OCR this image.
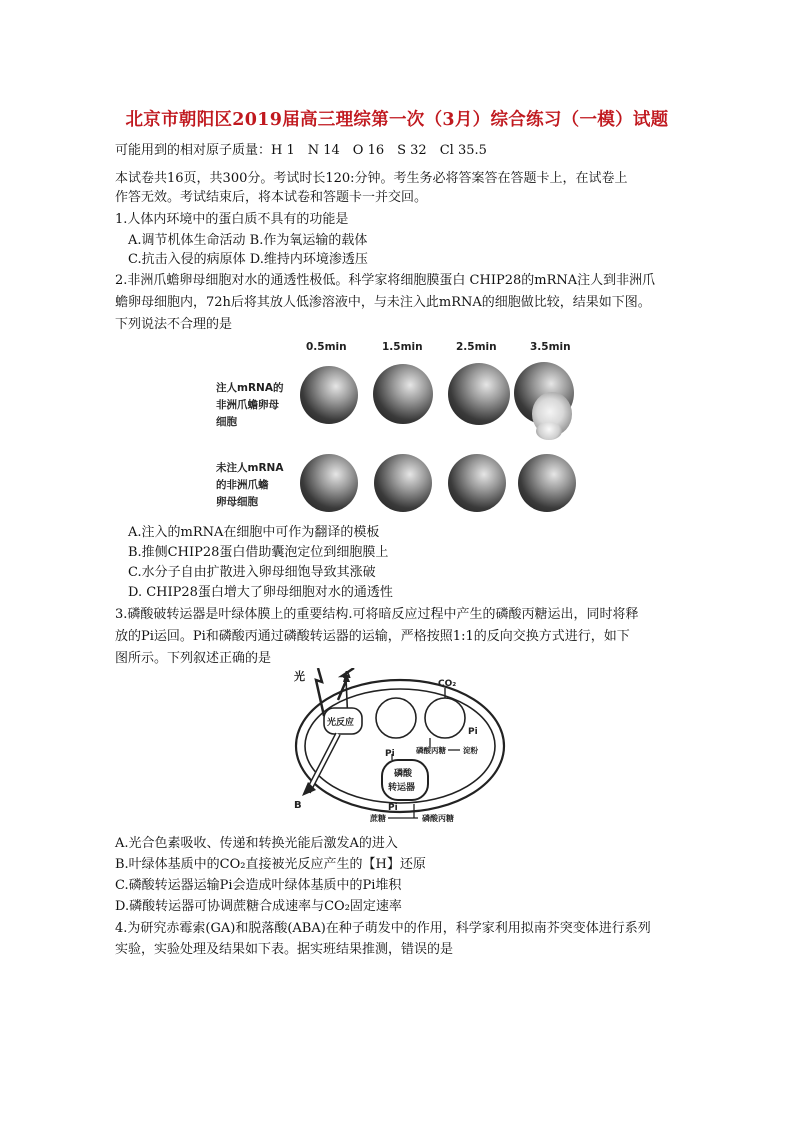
北京市朝阳区2019届高三理综第一次（3月）综合练习（一模）试题
可能用到的相对原子质量：H 1　N 14　O 16　S 32　Cl 35.5
本试卷共16页，共300分。考试时长120:分钟。考生务必将答案答在答题卡上，在试卷上
作答无效。考试结束后，将本试卷和答题卡一并交回。
1.人体内环境中的蛋白质不具有的功能是
A.调节机体生命活动 B.作为氧运输的载体
C.抗击入侵的病原体 D.维持内环境渗透压
2.非洲爪蟾卵母细胞对水的通透性极低。科学家将细胞膜蛋白 CHIP28的mRNA注人到非洲爪
蟾卵母细胞内，72h后将其放人低渗溶液中，与未注入此mRNA的细胞做比较，结果如下图。
下列说法不合理的是
0.5min	1.5min	2.5min	3.5min
注人mRNA的
非洲爪蟾卵母
细胞
未注人mRNA
的非洲爪蟾
卵母细胞
A.注入的mRNA在细胞中可作为翻译的模板
B.推侧CHIP28蛋白借助囊泡定位到细胞膜上
C.水分子自由扩散进入卵母细饱导致其涨破
D. CHIP28蛋白增大了卵母细胞对水的通透性
3.磷酸破转运器是叶绿体膜上的重要结构.可将暗反应过程中产生的磷酸丙糖运出，同时将释
放的Pi运回。Pi和磷酸丙通过磷酸转运器的运输，严格按照1:1的反向交换方式进行，如下
图所示。下列叙述正确的是
光	A
B
CO₂
光反应
Pi
磷酸丙糖 淀粉
Pi
磷酸
转运器
Pi
蔗糖	磷酸丙糖
A.光合色素吸收、传递和转换光能后激发A的进入
B.叶绿体基质中的CO₂直接被光反应产生的【H】还原
C.磷酸转运器运输Pi会造成叶绿体基质中的Pi堆积
D.磷酸转运器可协调蔗糖合成速率与CO₂固定速率
4.为研究赤霉索(GA)和脱落酸(ABA)在种子萌发中的作用，科学家利用拟南芥突变体进行系列
实验，实验处理及结果如下表。据实班结果推测，错误的是
